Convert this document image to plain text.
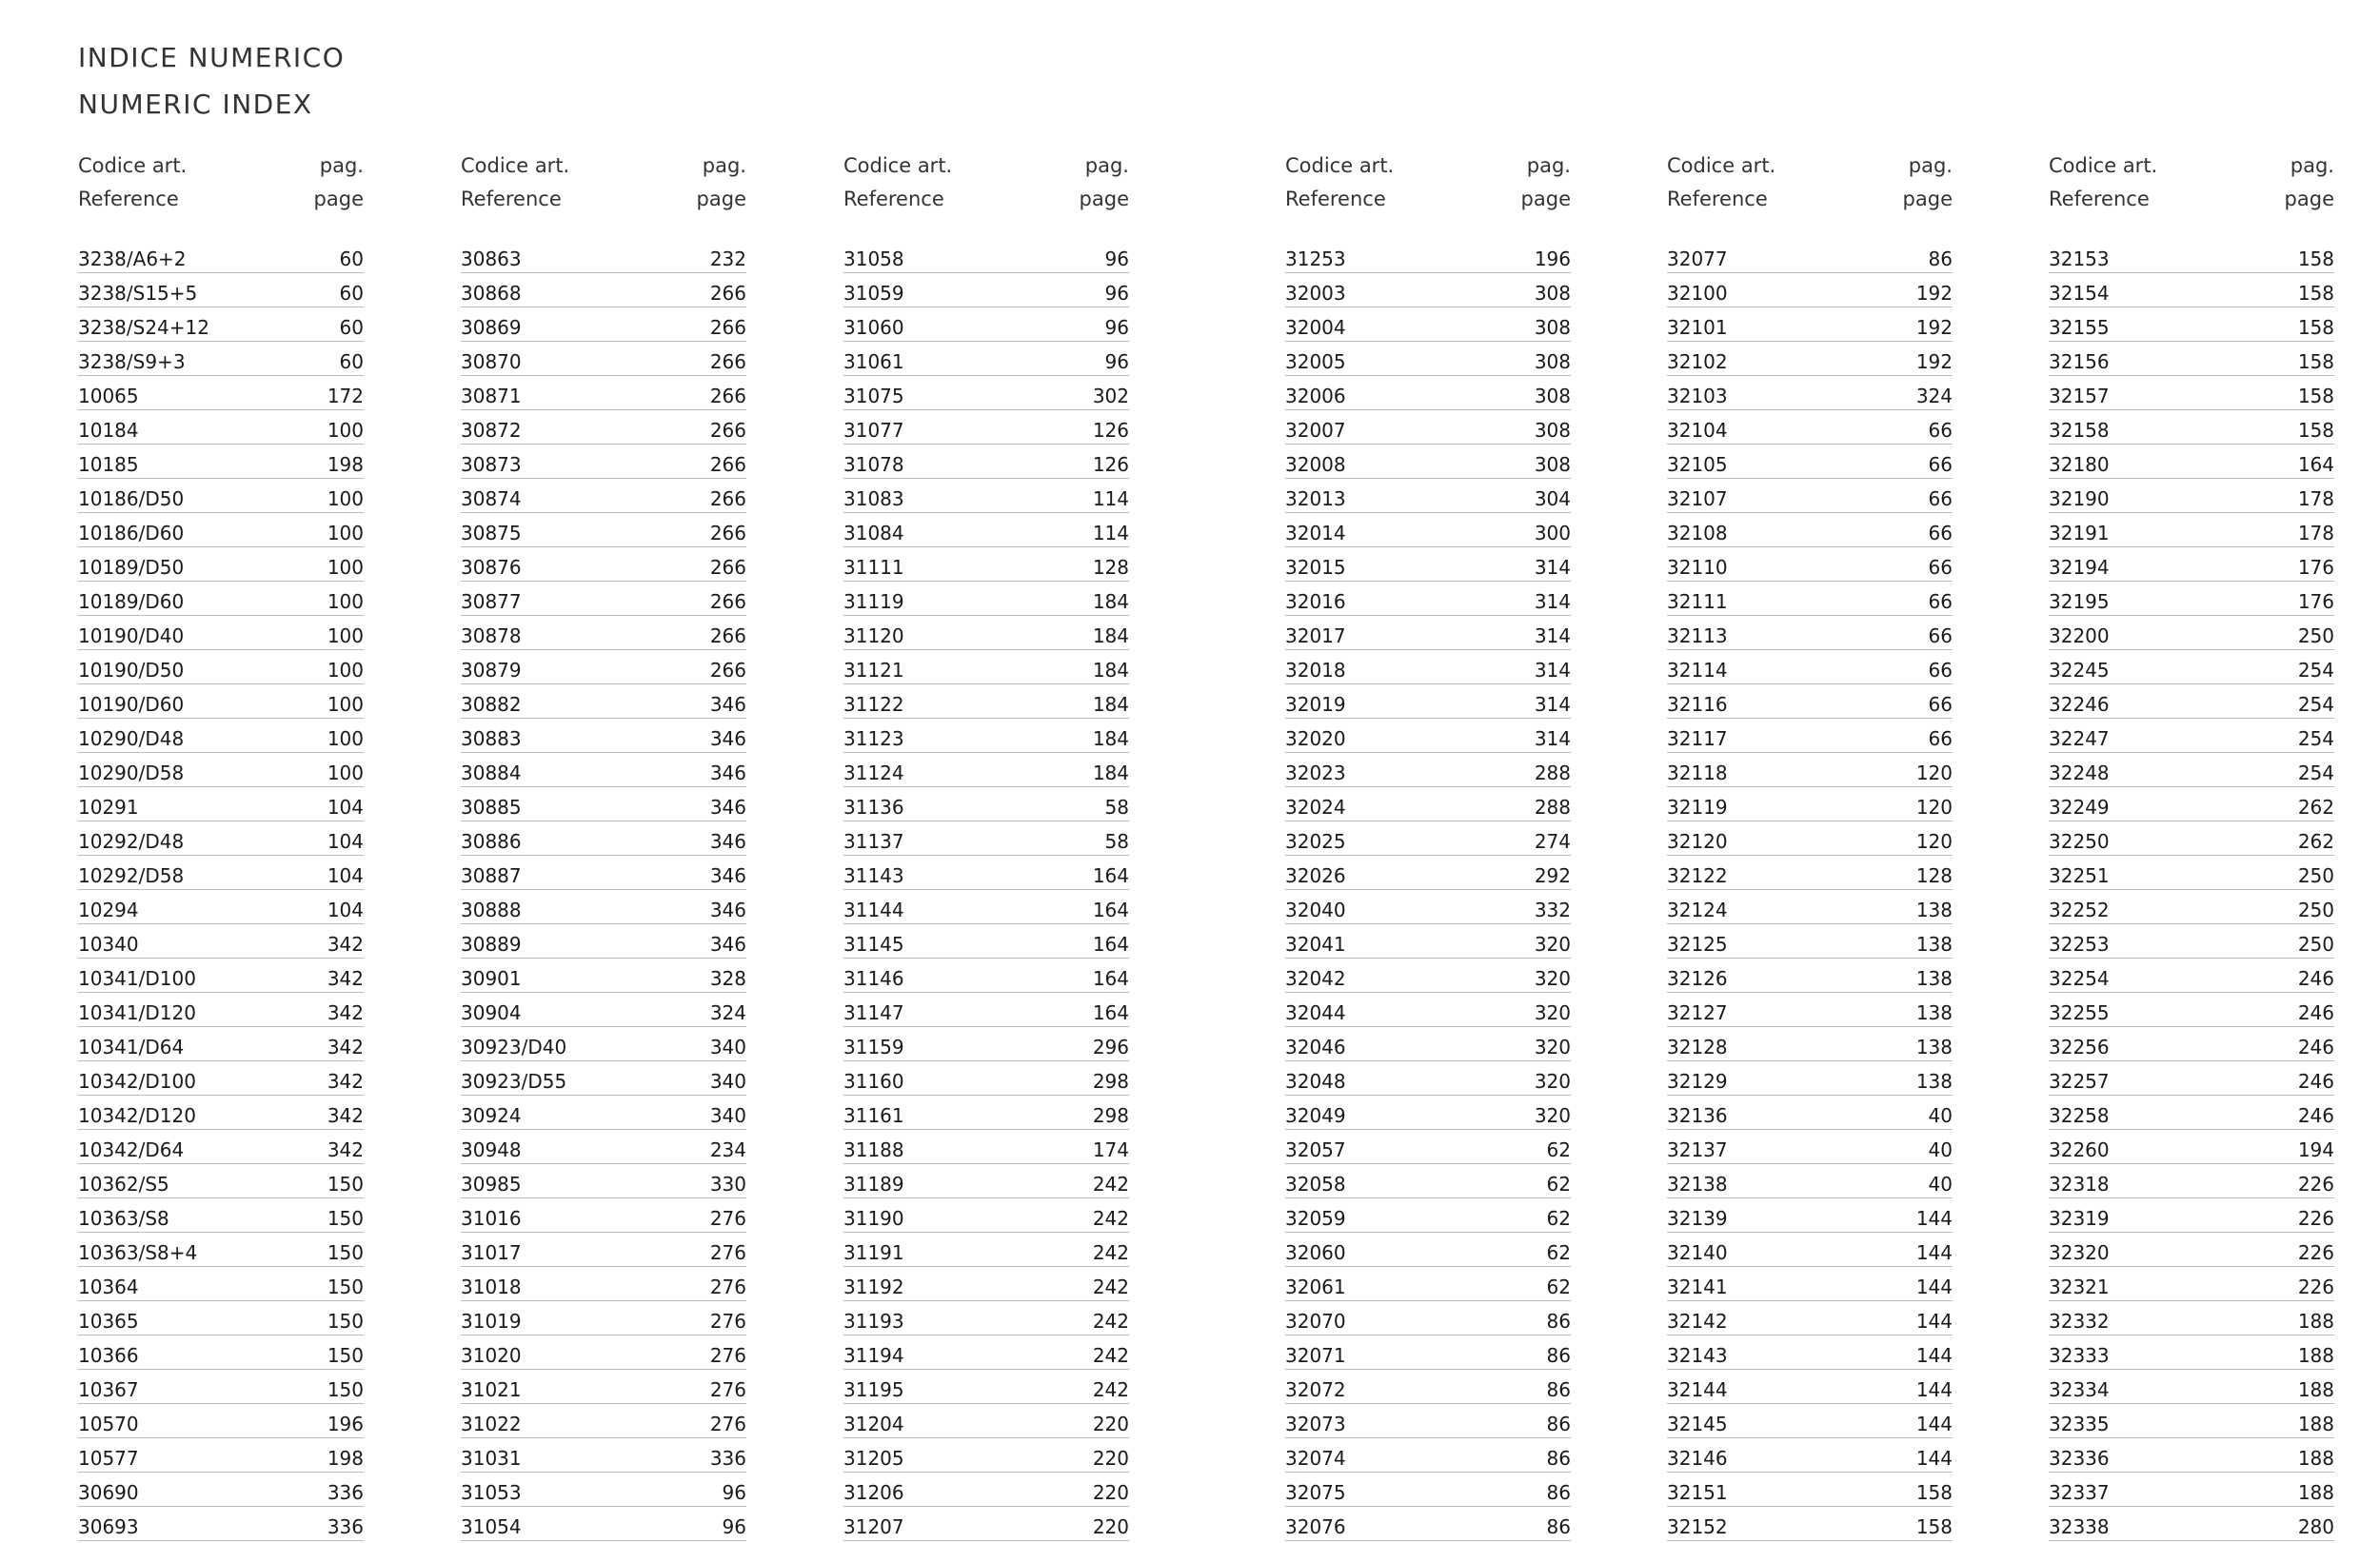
INDICE NUMERICO
NUMERIC INDEX
Codice art.	pag.
Reference	page
3238/A6+2	60
3238/S15+5	60
3238/S24+12	60
3238/S9+3	60
10065	172
10184	100
10185	198
10186/D50	100
10186/D60	100
10189/D50	100
10189/D60	100
10190/D40	100
10190/D50	100
10190/D60	100
10290/D48	100
10290/D58	100
10291	104
10292/D48	104
10292/D58	104
10294	104
10340	342
10341/D100	342
10341/D120	342
10341/D64	342
10342/D100	342
10342/D120	342
10342/D64	342
10362/S5	150
10363/S8	150
10363/S8+4	150
10364	150
10365	150
10366	150
10367	150
10570	196
10577	198
30690	336
30693	336
Codice art.	pag.
Reference	page
30863	232
30868	266
30869	266
30870	266
30871	266
30872	266
30873	266
30874	266
30875	266
30876	266
30877	266
30878	266
30879	266
30882	346
30883	346
30884	346
30885	346
30886	346
30887	346
30888	346
30889	346
30901	328
30904	324
30923/D40	340
30923/D55	340
30924	340
30948	234
30985	330
31016	276
31017	276
31018	276
31019	276
31020	276
31021	276
31022	276
31031	336
31053	96
31054	96
Codice art.	pag.
Reference	page
31058	96
31059	96
31060	96
31061	96
31075	302
31077	126
31078	126
31083	114
31084	114
31111	128
31119	184
31120	184
31121	184
31122	184
31123	184
31124	184
31136	58
31137	58
31143	164
31144	164
31145	164
31146	164
31147	164
31159	296
31160	298
31161	298
31188	174
31189	242
31190	242
31191	242
31192	242
31193	242
31194	242
31195	242
31204	220
31205	220
31206	220
31207	220
Codice art.	pag.
Reference	page
31253	196
32003	308
32004	308
32005	308
32006	308
32007	308
32008	308
32013	304
32014	300
32015	314
32016	314
32017	314
32018	314
32019	314
32020	314
32023	288
32024	288
32025	274
32026	292
32040	332
32041	320
32042	320
32044	320
32046	320
32048	320
32049	320
32057	62
32058	62
32059	62
32060	62
32061	62
32070	86
32071	86
32072	86
32073	86
32074	86
32075	86
32076	86
Codice art.	pag.
Reference	page
32077	86
32100	192
32101	192
32102	192
32103	324
32104	66
32105	66
32107	66
32108	66
32110	66
32111	66
32113	66
32114	66
32116	66
32117	66
32118	120
32119	120
32120	120
32122	128
32124	138
32125	138
32126	138
32127	138
32128	138
32129	138
32136	40
32137	40
32138	40
32139	144
32140	144
32141	144
32142	144
32143	144
32144	144
32145	144
32146	144
32151	158
32152	158
Codice art.	pag.
Reference	page
32153	158
32154	158
32155	158
32156	158
32157	158
32158	158
32180	164
32190	178
32191	178
32194	176
32195	176
32200	250
32245	254
32246	254
32247	254
32248	254
32249	262
32250	262
32251	250
32252	250
32253	250
32254	246
32255	246
32256	246
32257	246
32258	246
32260	194
32318	226
32319	226
32320	226
32321	226
32332	188
32333	188
32334	188
32335	188
32336	188
32337	188
32338	280
